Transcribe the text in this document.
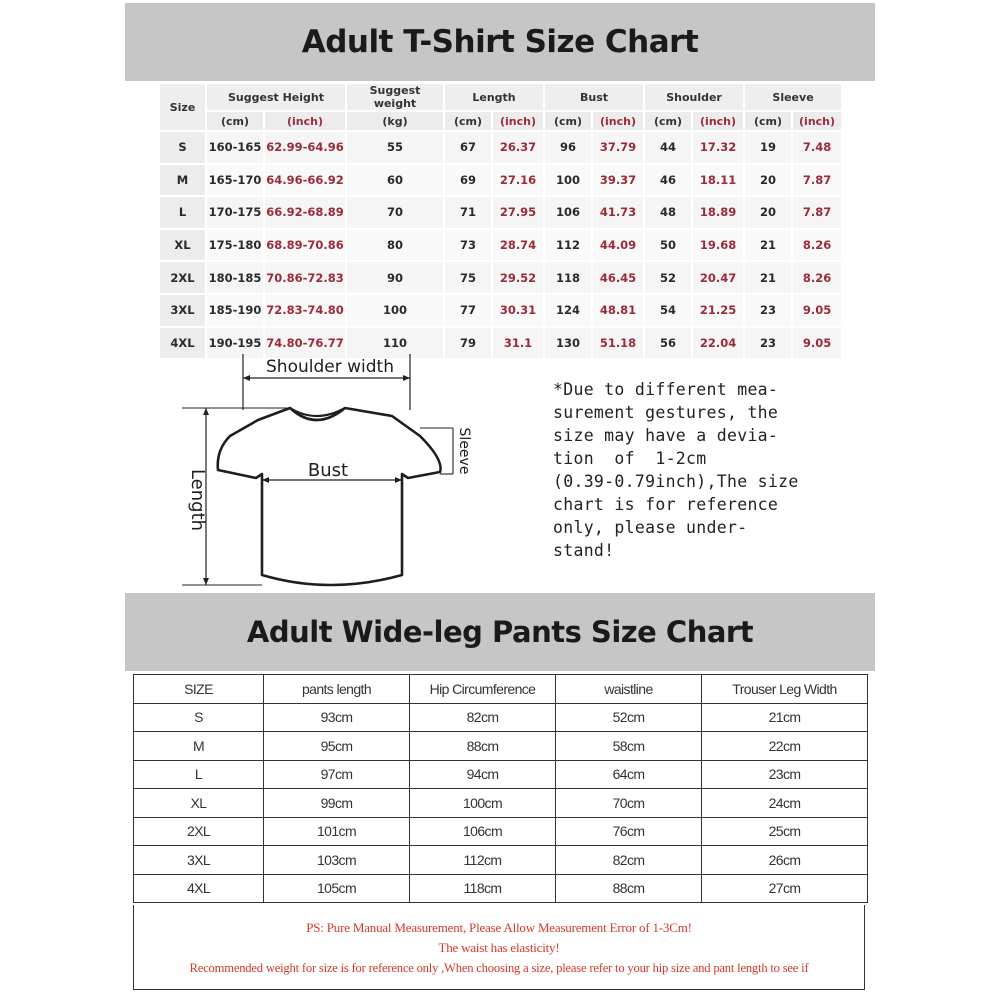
Adult T-Shirt Size Chart
Size	Suggest Height		Suggest weight	Length		Bust		Shoulder		Sleeve	
	(cm)	(inch)	(kg)	(cm)	(inch)	(cm)	(inch)	(cm)	(inch)	(cm)	(inch)
S	160-165	62.99-64.96	55	67	26.37	96	37.79	44	17.32	19	7.48
M	165-170	64.96-66.92	60	69	27.16	100	39.37	46	18.11	20	7.87
L	170-175	66.92-68.89	70	71	27.95	106	41.73	48	18.89	20	7.87
XL	175-180	68.89-70.86	80	73	28.74	112	44.09	50	19.68	21	8.26
2XL	180-185	70.86-72.83	90	75	29.52	118	46.45	52	20.47	21	8.26
3XL	185-190	72.83-74.80	100	77	30.31	124	48.81	54	21.25	23	9.05
4XL	190-195	74.80-76.77	110	79	31.1	130	51.18	56	22.04	23	9.05
Shoulder width
Bust
Length
Sleeve
*Due to different mea-
surement gestures, the
size may have a devia-
tion  of  1-2cm
(0.39-0.79inch),The size
chart is for reference
only, please under-
stand!
Adult Wide-leg Pants Size Chart
SIZE	pants length	Hip Circumference	waistline	Trouser Leg Width
S	93cm	82cm	52cm	21cm
M	95cm	88cm	58cm	22cm
L	97cm	94cm	64cm	23cm
XL	99cm	100cm	70cm	24cm
2XL	101cm	106cm	76cm	25cm
3XL	103cm	112cm	82cm	26cm
4XL	105cm	118cm	88cm	27cm
PS: Pure Manual Measurement, Please Allow Measurement Error of 1-3Cm!
The waist has elasticity!
Recommended weight for size is for reference only ,When choosing a size, please refer to your hip size and pant length to see if
